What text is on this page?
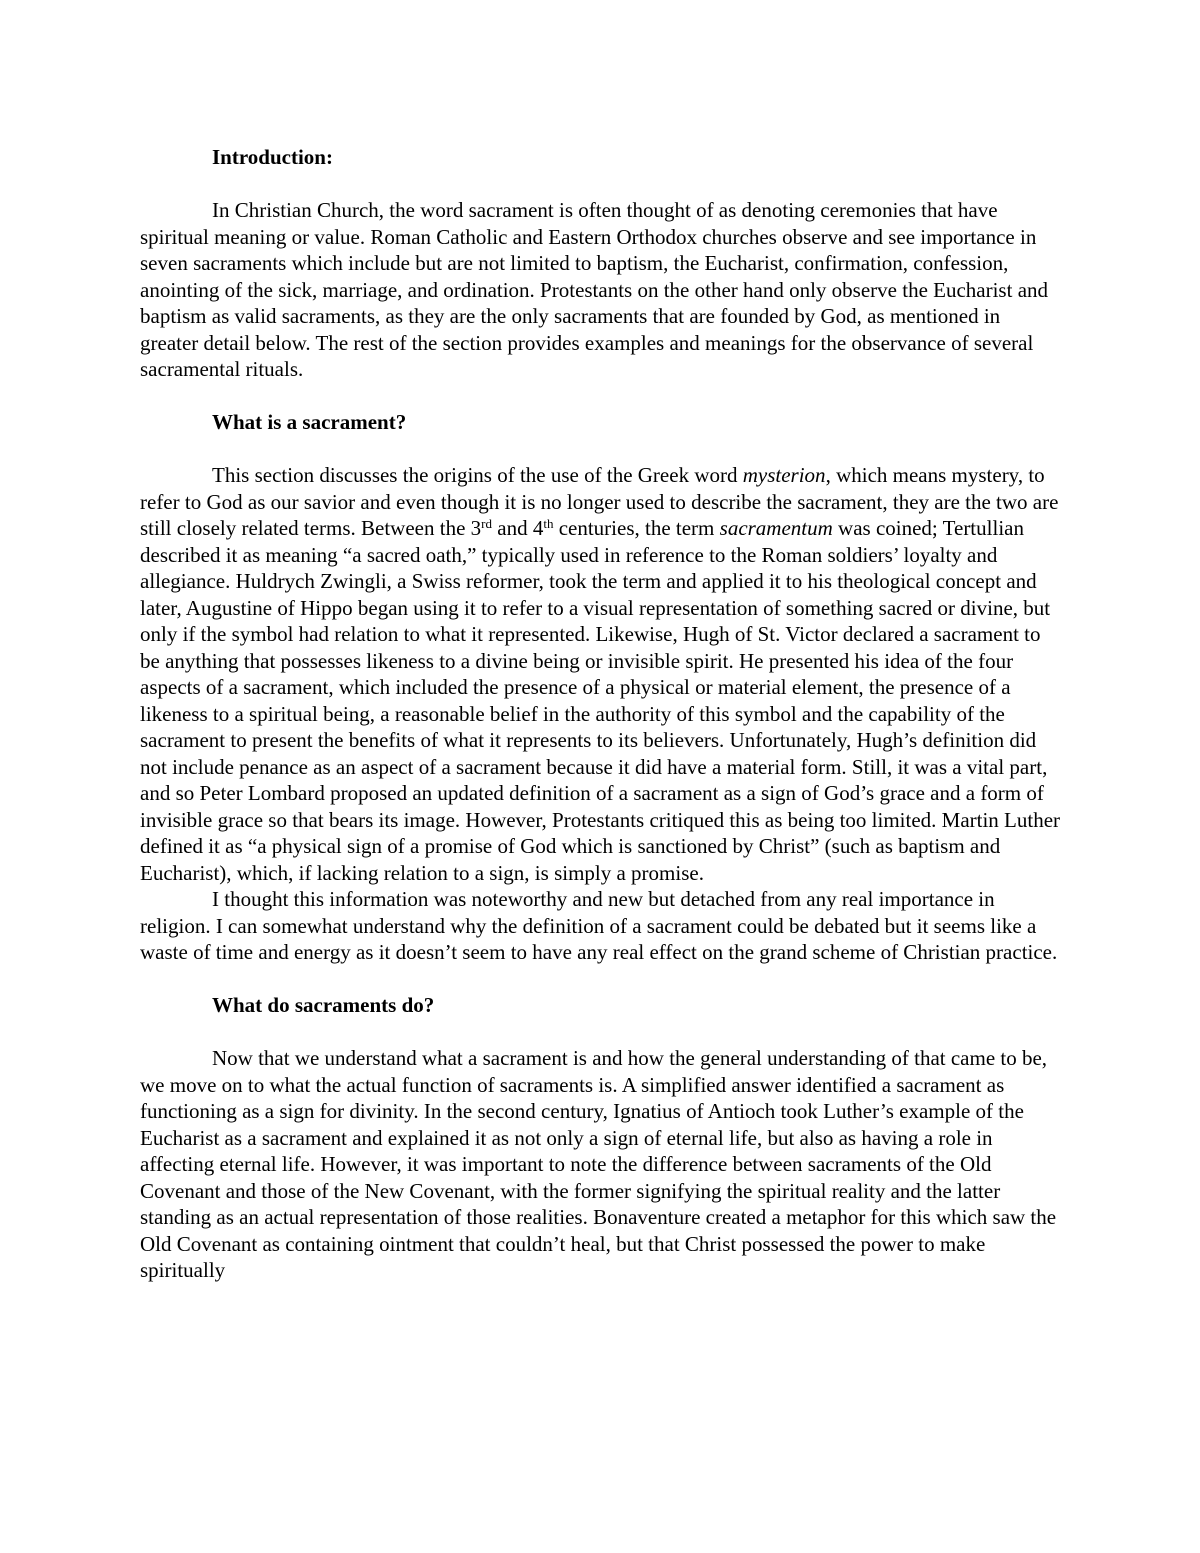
Introduction:

In Christian Church, the word sacrament is often thought of as denoting ceremonies that have spiritual meaning or value. Roman Catholic and Eastern Orthodox churches observe and see importance in seven sacraments which include but are not limited to baptism, the Eucharist, confirmation, confession, anointing of the sick, marriage, and ordination. Protestants on the other hand only observe the Eucharist and baptism as valid sacraments, as they are the only sacraments that are founded by God, as mentioned in greater detail below. The rest of the section provides examples and meanings for the observance of several sacramental rituals.

What is a sacrament?

This section discusses the origins of the use of the Greek word mysterion, which means mystery, to refer to God as our savior and even though it is no longer used to describe the sacrament, they are the two are still closely related terms. Between the 3rd and 4th centuries, the term sacramentum was coined; Tertullian described it as meaning “a sacred oath,” typically used in reference to the Roman soldiers’ loyalty and allegiance. Huldrych Zwingli, a Swiss reformer, took the term and applied it to his theological concept and later, Augustine of Hippo began using it to refer to a visual representation of something sacred or divine, but only if the symbol had relation to what it represented. Likewise, Hugh of St. Victor declared a sacrament to be anything that possesses likeness to a divine being or invisible spirit. He presented his idea of the four aspects of a sacrament, which included the presence of a physical or material element, the presence of a likeness to a spiritual being, a reasonable belief in the authority of this symbol and the capability of the sacrament to present the benefits of what it represents to its believers. Unfortunately, Hugh’s definition did not include penance as an aspect of a sacrament because it did have a material form. Still, it was a vital part, and so Peter Lombard proposed an updated definition of a sacrament as a sign of God’s grace and a form of invisible grace so that bears its image. However, Protestants critiqued this as being too limited. Martin Luther defined it as “a physical sign of a promise of God which is sanctioned by Christ” (such as baptism and Eucharist), which, if lacking relation to a sign, is simply a promise.

I thought this information was noteworthy and new but detached from any real importance in religion. I can somewhat understand why the definition of a sacrament could be debated but it seems like a waste of time and energy as it doesn’t seem to have any real effect on the grand scheme of Christian practice.

What do sacraments do?

Now that we understand what a sacrament is and how the general understanding of that came to be, we move on to what the actual function of sacraments is. A simplified answer identified a sacrament as functioning as a sign for divinity. In the second century, Ignatius of Antioch took Luther’s example of the Eucharist as a sacrament and explained it as not only a sign of eternal life, but also as having a role in affecting eternal life. However, it was important to note the difference between sacraments of the Old Covenant and those of the New Covenant, with the former signifying the spiritual reality and the latter standing as an actual representation of those realities. Bonaventure created a metaphor for this which saw the Old Covenant as containing ointment that couldn’t heal, but that Christ possessed the power to make spiritually
